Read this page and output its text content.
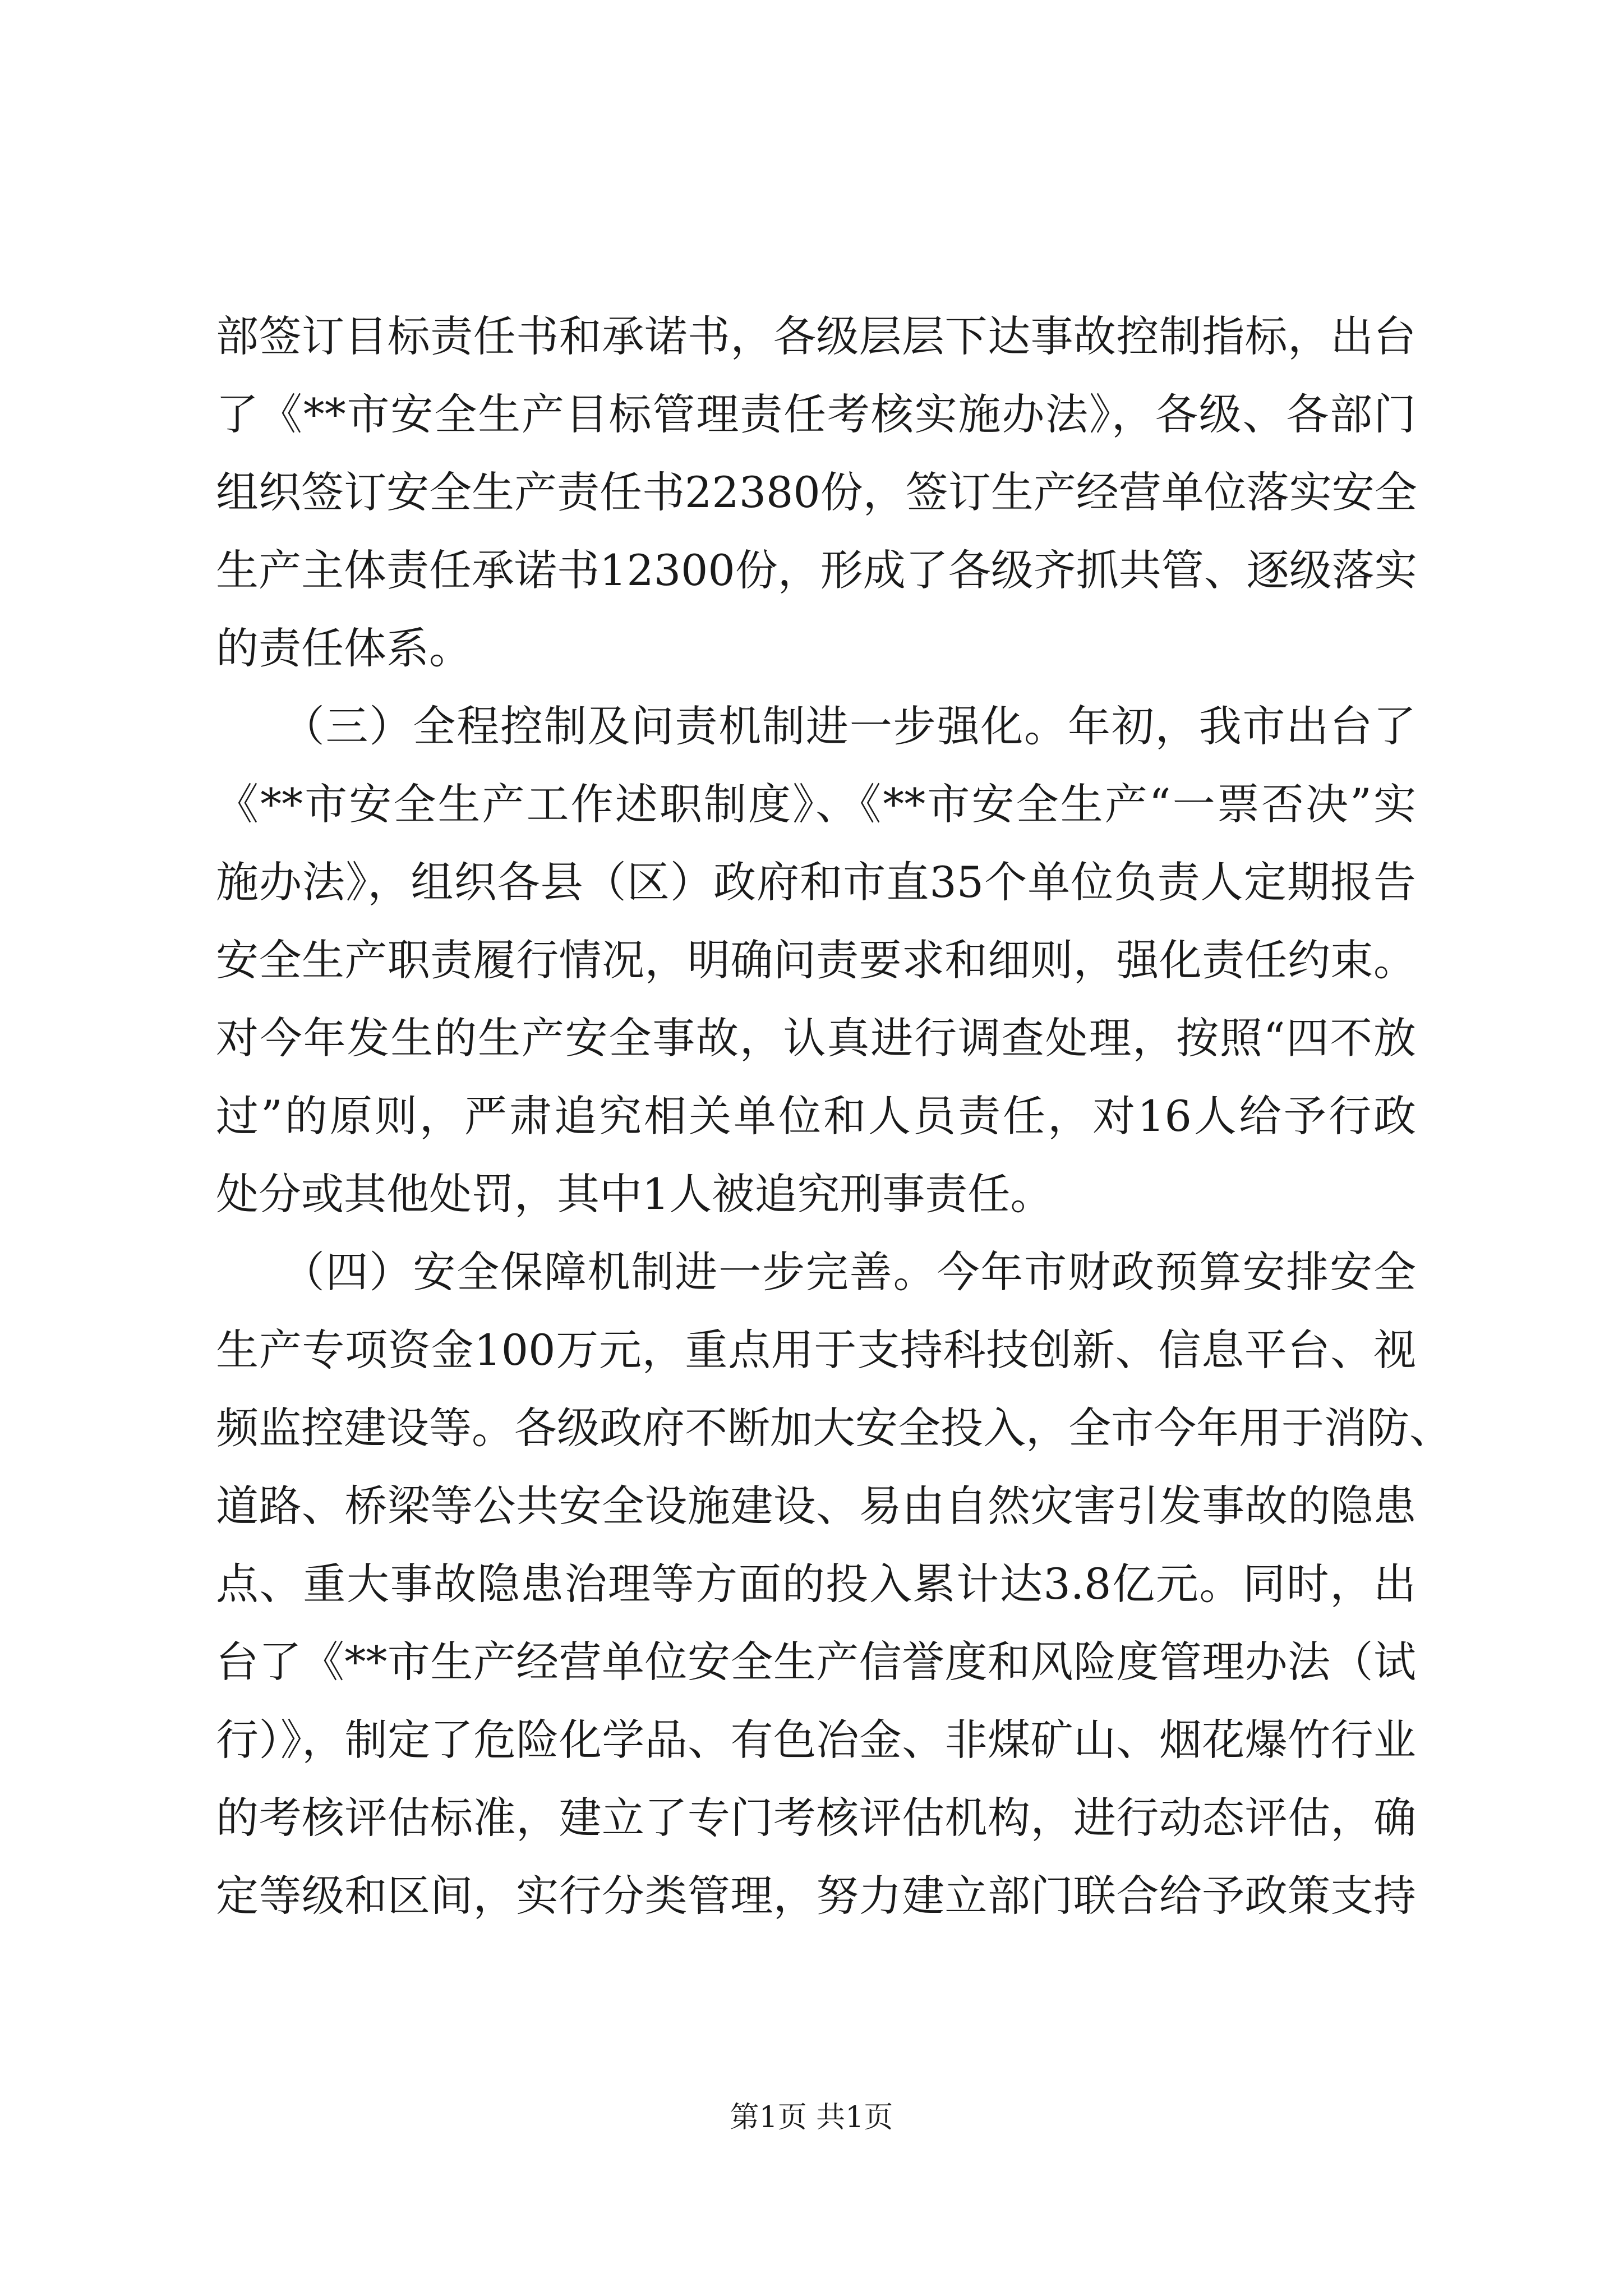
部签订目标责任书和承诺书，各级层层下达事故控制指标，出台
了《**市安全生产目标管理责任考核实施办法》，各级、各部门
组织签订安全生产责任书22380份，签订生产经营单位落实安全
生产主体责任承诺书12300份，形成了各级齐抓共管、逐级落实
的责任体系。
　　（三）全程控制及问责机制进一步强化。年初，我市出台了
《**市安全生产工作述职制度》、《**市安全生产“一票否决”实
施办法》，组织各县（区）政府和市直35个单位负责人定期报告
安全生产职责履行情况，明确问责要求和细则，强化责任约束。
对今年发生的生产安全事故，认真进行调查处理，按照“四不放
过”的原则，严肃追究相关单位和人员责任，对16人给予行政
处分或其他处罚，其中1人被追究刑事责任。
　　（四）安全保障机制进一步完善。今年市财政预算安排安全
生产专项资金100万元，重点用于支持科技创新、信息平台、视
频监控建设等。各级政府不断加大安全投入，全市今年用于消防、
道路、桥梁等公共安全设施建设、易由自然灾害引发事故的隐患
点、重大事故隐患治理等方面的投入累计达3.8亿元。同时，出
台了《**市生产经营单位安全生产信誉度和风险度管理办法（试
行）》，制定了危险化学品、有色冶金、非煤矿山、烟花爆竹行业
的考核评估标准，建立了专门考核评估机构，进行动态评估，确
定等级和区间，实行分类管理，努力建立部门联合给予政策支持
第1页 共1页
